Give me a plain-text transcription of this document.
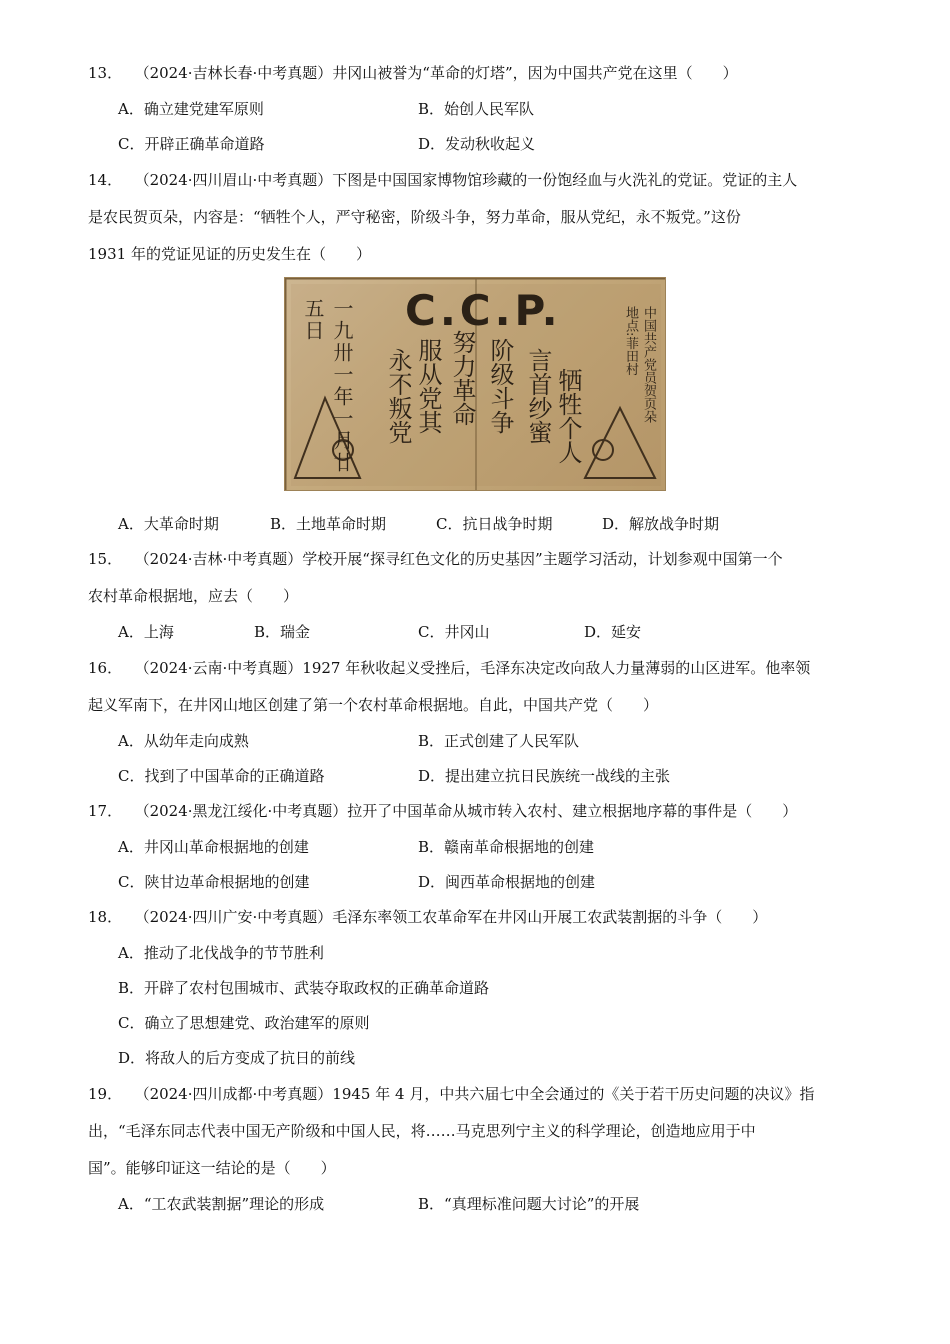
13． （2024·吉林长春·中考真题）井冈山被誉为“革命的灯塔”，因为中国共产党在这里（　　）
A．确立建党建军原则	B．始创人民军队
C．开辟正确革命道路	D．发动秋收起义
14． （2024·四川眉山·中考真题）下图是中国国家博物馆珍藏的一份饱经血与火洗礼的党证。党证的主人
是农民贺页朵，内容是：“牺牲个人，严守秘密，阶级斗争，努力革命，服从党纪，永不叛党。”这份
1931 年的党证见证的历史发生在（　　）
C.C.P.
一九卅一年一月廿五日	中国共产党员贺页朵
地点:菲田村
牺牲个人
言首纱蜜
阶级斗争
努力革命
服从党其
永不叛党
A．大革命时期	B．土地革命时期	C．抗日战争时期	D．解放战争时期
15． （2024·吉林·中考真题）学校开展“探寻红色文化的历史基因”主题学习活动，计划参观中国第一个
农村革命根据地，应去（　　）
A．上海	B．瑞金	C．井冈山	D．延安
16． （2024·云南·中考真题）1927 年秋收起义受挫后，毛泽东决定改向敌人力量薄弱的山区进军。他率领
起义军南下，在井冈山地区创建了第一个农村革命根据地。自此，中国共产党（　　）
A．从幼年走向成熟	B．正式创建了人民军队
C．找到了中国革命的正确道路	D．提出建立抗日民族统一战线的主张
17． （2024·黑龙江绥化·中考真题）拉开了中国革命从城市转入农村、建立根据地序幕的事件是（　　）
A．井冈山革命根据地的创建	B．赣南革命根据地的创建
C．陕甘边革命根据地的创建	D．闽西革命根据地的创建
18． （2024·四川广安·中考真题）毛泽东率领工农革命军在井冈山开展工农武装割据的斗争（　　）
A．推动了北伐战争的节节胜利
B．开辟了农村包围城市、武装夺取政权的正确革命道路
C．确立了思想建党、政治建军的原则
D．将敌人的后方变成了抗日的前线
19． （2024·四川成都·中考真题）1945 年 4 月，中共六届七中全会通过的《关于若干历史问题的决议》指
出，“毛泽东同志代表中国无产阶级和中国人民，将……马克思列宁主义的科学理论，创造地应用于中
国”。能够印证这一结论的是（　　）
A．“工农武装割据”理论的形成	B．“真理标准问题大讨论”的开展
